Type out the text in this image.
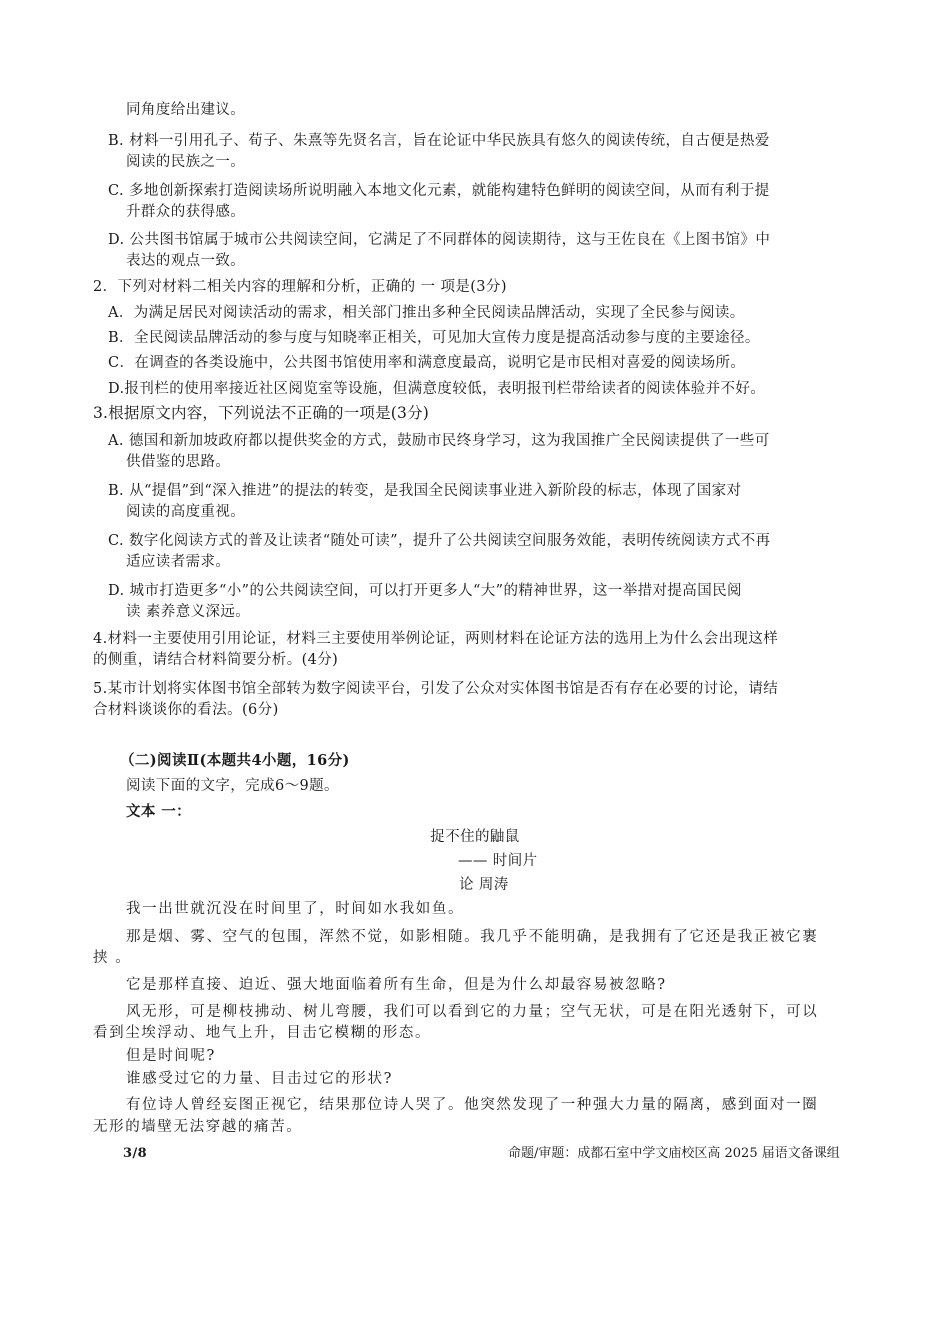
同角度给出建议。
B. 材料一引用孔子、荀子、朱熹等先贤名言，旨在论证中华民族具有悠久的阅读传统，自古便是热爱
阅读的民族之一。
C. 多地创新探索打造阅读场所说明融入本地文化元素，就能构建特色鲜明的阅读空间，从而有利于提
升群众的获得感。
D. 公共图书馆属于城市公共阅读空间，它满足了不同群体的阅读期待，这与王佐良在《上图书馆》中
表达的观点一致。
2．下列对材料二相关内容的理解和分析，正确的 一 项是(3分)
A．为满足居民对阅读活动的需求，相关部门推出多种全民阅读品牌活动，实现了全民参与阅读。
B．全民阅读品牌活动的参与度与知晓率正相关，可见加大宣传力度是提高活动参与度的主要途径。
C．在调查的各类设施中，公共图书馆使用率和满意度最高，说明它是市民相对喜爱的阅读场所。
D.报刊栏的使用率接近社区阅览室等设施，但满意度较低，表明报刊栏带给读者的阅读体验并不好。
3.根据原文内容，下列说法不正确的一项是(3分)
A. 德国和新加坡政府都以提供奖金的方式，鼓励市民终身学习，这为我国推广全民阅读提供了一些可
供借鉴的思路。
B. 从“提倡”到“深入推进”的提法的转变，是我国全民阅读事业进入新阶段的标志，体现了国家对
阅读的高度重视。
C. 数字化阅读方式的普及让读者“随处可读”，提升了公共阅读空间服务效能，表明传统阅读方式不再
适应读者需求。
D. 城市打造更多“小”的公共阅读空间，可以打开更多人“大”的精神世界，这一举措对提高国民阅
读 素养意义深远。
4.材料一主要使用引用论证，材料三主要使用举例论证，两则材料在论证方法的选用上为什么会出现这样
的侧重，请结合材料简要分析。(4分)
5.某市计划将实体图书馆全部转为数字阅读平台，引发了公众对实体图书馆是否有存在必要的讨论，请结
合材料谈谈你的看法。(6分)
（二)阅读Ⅱ(本题共4小题，16分)
阅读下面的文字，完成6～9题。
文本 一：
捉不住的鼬鼠
—— 时间片
论 周涛
我一出世就沉没在时间里了，时间如水我如鱼。
那是烟、雾、空气的包围，浑然不觉，如影相随。我几乎不能明确，是我拥有了它还是我正被它裹
挟 。
它是那样直接、迫近、强大地面临着所有生命，但是为什么却最容易被忽略?
风无形，可是柳枝拂动、树儿弯腰，我们可以看到它的力量；空气无状，可是在阳光透射下，可以
看到尘埃浮动、地气上升，目击它模糊的形态。
但是时间呢?
谁感受过它的力量、目击过它的形状?
有位诗人曾经妄图正视它，结果那位诗人哭了。他突然发现了一种强大力量的隔离，感到面对一圈
无形的墙壁无法穿越的痛苦。
3/8	命题/审题：成都石室中学文庙校区高 2025 届语文备课组
